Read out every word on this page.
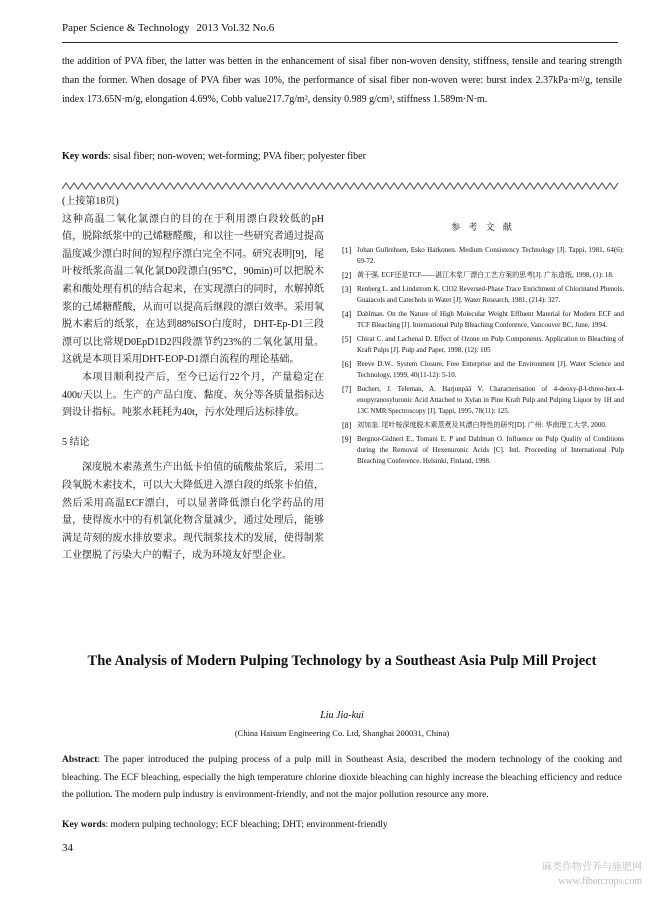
Paper Science & Technology 2013 Vol.32 No.6
the addition of PVA fiber, the latter was betten in the enhancement of sisal fiber non-woven density, stiffness, tensile and tearing strength than the former. When dosage of PVA fiber was 10%, the performance of sisal fiber non-woven were: burst index 2.37kPa·m²/g, tensile index 173.65N·m/g, elongation 4.69%, Cobb value217.7g/m², density 0.989 g/cm³, stiffness 1.589m·N·m.
Key words: sisal fiber; non-woven; wet-forming; PVA fiber; polyester fiber

(上接第18页)

这种高温二氧化氯漂白的目的在于利用漂白段较低的pH值，脱除纸浆中的己烯糖醛酸，和以往一些研究者通过提高温度减少漂白时间的短程序漂白完全不同。研究表明[9]，尾叶桉纸浆高温二氧化氯D0段漂白(95℃，90min)可以把脱木素和酸处理有机的结合起来，在实现漂白的同时，水解掉纸浆的己烯糖醛酸，从而可以提高后继段的漂白效率。采用氧脱木素后的纸浆，在达到88%ISO白度时，DHT-Ep-D1三段漂可以比常规D0EpD1D2四段漂节约23%的二氧化氯用量。这就是本项目采用DHT-EOP-D1漂白流程的理论基础。

本项目顺利投产后，至今已运行22个月，产量稳定在400t/天以上。生产的产品白度、黏度、灰分等各质量指标达到设计指标。吨浆水耗耗为40t，污水处理后达标排放。

5 结论

深度脱木素蒸煮生产出低卡伯值的硫酸盐浆后，采用二段氧脱木素技术，可以大大降低进入漂白段的纸浆卡伯值，然后采用高温ECF漂白，可以显著降低漂白化学药品的用量，使得废水中的有机氯化物含量减少，通过处理后，能够满足苛刻的废水排放要求。现代制浆技术的发展，使得制浆工业摆脱了污染大户的帽子，成为环境友好型企业。

参 考 文 献
[1] Johan Gullrehsen, Esko Harkonen. Medium Consistency Technology [J]. Tappi, 1981, 64(6): 69-72.
[2] 黄干强. ECF还是TCF——湛江木浆厂漂白工艺方案的思考[J]. 广东造纸, 1998, (1): 18.
[3] Renberg L. and Lindstrom K. ClO2 Reversed-Phase Trace Enrichment of Chlorinated Phenols, Guaiacols and Catechols in Water [J]. Water Research, 1981, (214): 327.
[4] Dahlman. On the Nature of High Molecular Weight Effluent Material for Modern ECF and TCF Bleaching [J]. International Pulp Bleaching Conference, Vancouver BC, June, 1994.
[5] Chirat C. and Lachenal D. Effect of Ozone on Pulp Components. Application to Bleaching of Kraft Pulps [J]. Pulp and Paper, 1998, (12): 105
[6] Reeve D.W.. System Closure, Free Enterprise and the Environment [J]. Water Science and Technology, 1999, 40(11-12): 5-10.
[7] Buchert, J. Teleman, A. Harjunpää V. Characterisation of 4-deoxy-β-l-threo-hex-4-enopyranosyluronic Acid Attached to Xylan in Pine Kraft Pulp and Pulping Liquor by 1H and 13C NMR Spectroscopy [J]. Tappi, 1995, 78(11): 125.
[8] 刘加奎. 尾叶桉深度脱木素蒸煮及其漂白特性的研究[D]. 广州: 华南理工大学, 2000.
[9] Bergnor-Gidnert E., Tomani E. P and Dahlman O. Influence on Pulp Quality of Conditions during the Removal of Hexenuronic Acids [C]. Intl. Proceeding of International Pulp Bleaching Conference. Helsinki, Finland, 1998.
The Analysis of Modern Pulping Technology by a Southeast Asia Pulp Mill Project
Liu Jia-kui
(China Haisum Engineering Co. Ltd, Shanghai 200031, China)
Abstract: The paper introduced the pulping process of a pulp mill in Southeast Asia, described the modern technology of the cooking and bleaching. The ECF bleaching, especially the high temperature chlorine dioxide bleaching can highly increase the bleaching efficiency and reduce the pollution. The modern pulp industry is environment-friendly, and not the major pollution resource any more.
Key words: modern pulping technology; ECF bleaching; DHT; environment-friendly
34
麻类作物营养与施肥网
www.fibercrops.com
